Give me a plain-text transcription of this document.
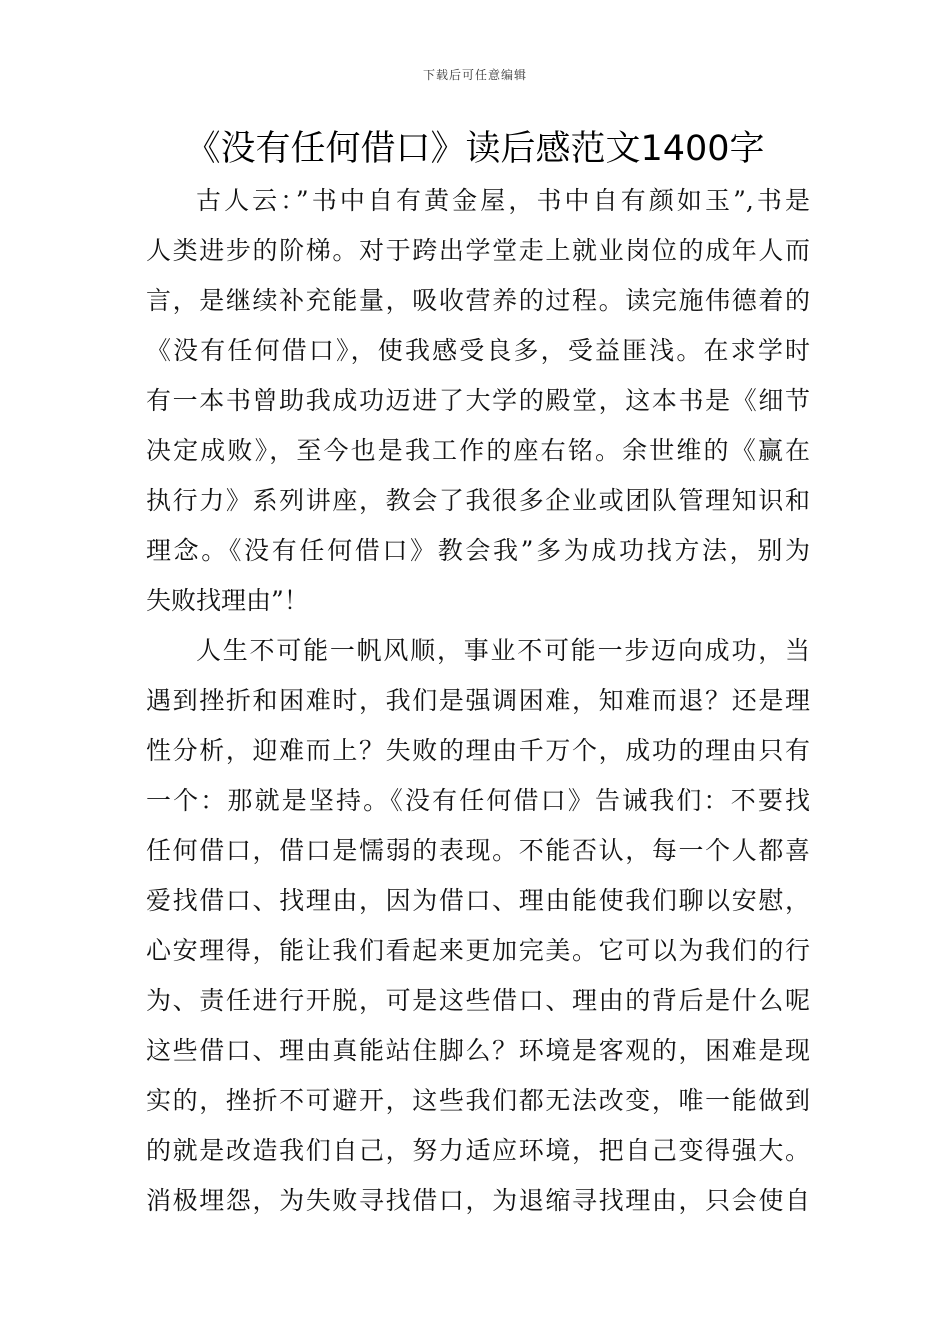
下载后可任意编辑
《没有任何借口》读后感范文1400字
古人云：”书中自有黄金屋，书中自有颜如玉”,书是
人类进步的阶梯。对于跨出学堂走上就业岗位的成年人而
言，是继续补充能量，吸收营养的过程。读完施伟德着的
《没有任何借口》，使我感受良多，受益匪浅。在求学时
有一本书曾助我成功迈进了大学的殿堂，这本书是《细节
决定成败》，至今也是我工作的座右铭。余世维的《赢在
执行力》系列讲座，教会了我很多企业或团队管理知识和
理念。《没有任何借口》教会我”多为成功找方法，别为
失败找理由”！
人生不可能一帆风顺，事业不可能一步迈向成功，当
遇到挫折和困难时，我们是强调困难，知难而退？还是理
性分析，迎难而上？失败的理由千万个，成功的理由只有
一个：那就是坚持。《没有任何借口》告诫我们：不要找
任何借口，借口是懦弱的表现。不能否认，每一个人都喜
爱找借口、找理由，因为借口、理由能使我们聊以安慰，
心安理得，能让我们看起来更加完美。它可以为我们的行
为、责任进行开脱，可是这些借口、理由的背后是什么呢
这些借口、理由真能站住脚么？环境是客观的，困难是现
实的，挫折不可避开，这些我们都无法改变，唯一能做到
的就是改造我们自己，努力适应环境，把自己变得强大。
消极埋怨，为失败寻找借口，为退缩寻找理由，只会使自
